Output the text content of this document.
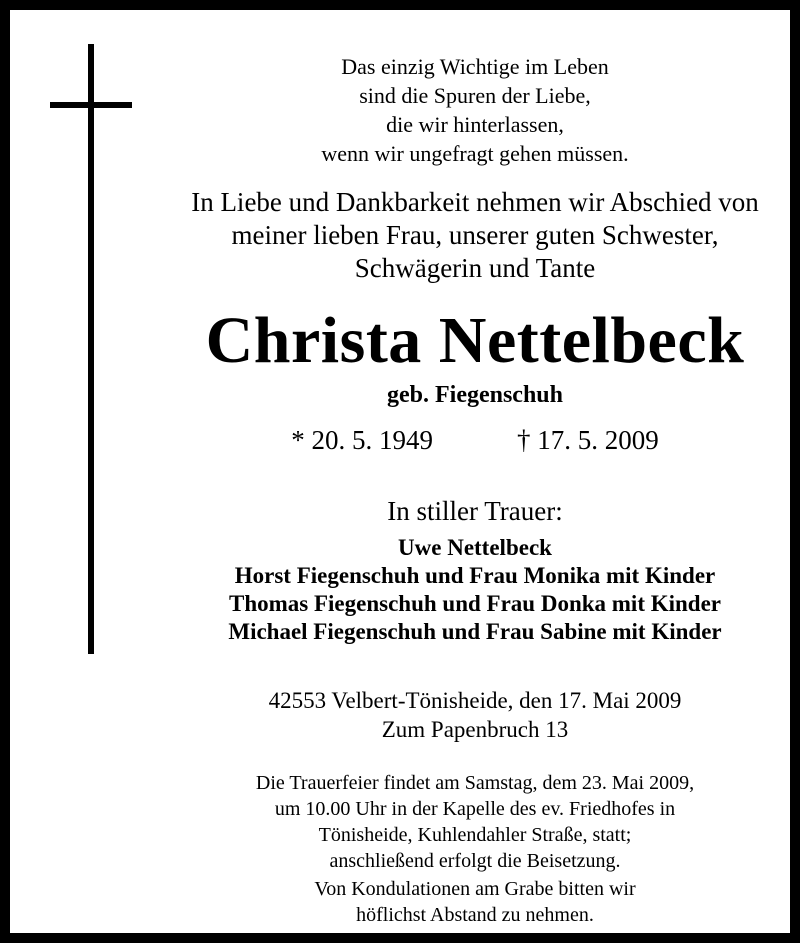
Das einzig Wichtige im Leben
sind die Spuren der Liebe,
die wir hinterlassen,
wenn wir ungefragt gehen müssen.
In Liebe und Dankbarkeit nehmen wir Abschied von
meiner lieben Frau, unserer guten Schwester,
Schwägerin und Tante
Christa Nettelbeck
geb. Fiegenschuh
* 20. 5. 1949	† 17. 5. 2009
In stiller Trauer:
Uwe Nettelbeck
Horst Fiegenschuh und Frau Monika mit Kinder
Thomas Fiegenschuh und Frau Donka mit Kinder
Michael Fiegenschuh und Frau Sabine mit Kinder
42553 Velbert-Tönisheide, den 17. Mai 2009
Zum Papenbruch 13
Die Trauerfeier findet am Samstag, dem 23. Mai 2009,
um 10.00 Uhr in der Kapelle des ev. Friedhofes in
Tönisheide, Kuhlendahler Straße, statt;
anschließend erfolgt die Beisetzung.
Von Kondulationen am Grabe bitten wir
höflichst Abstand zu nehmen.
